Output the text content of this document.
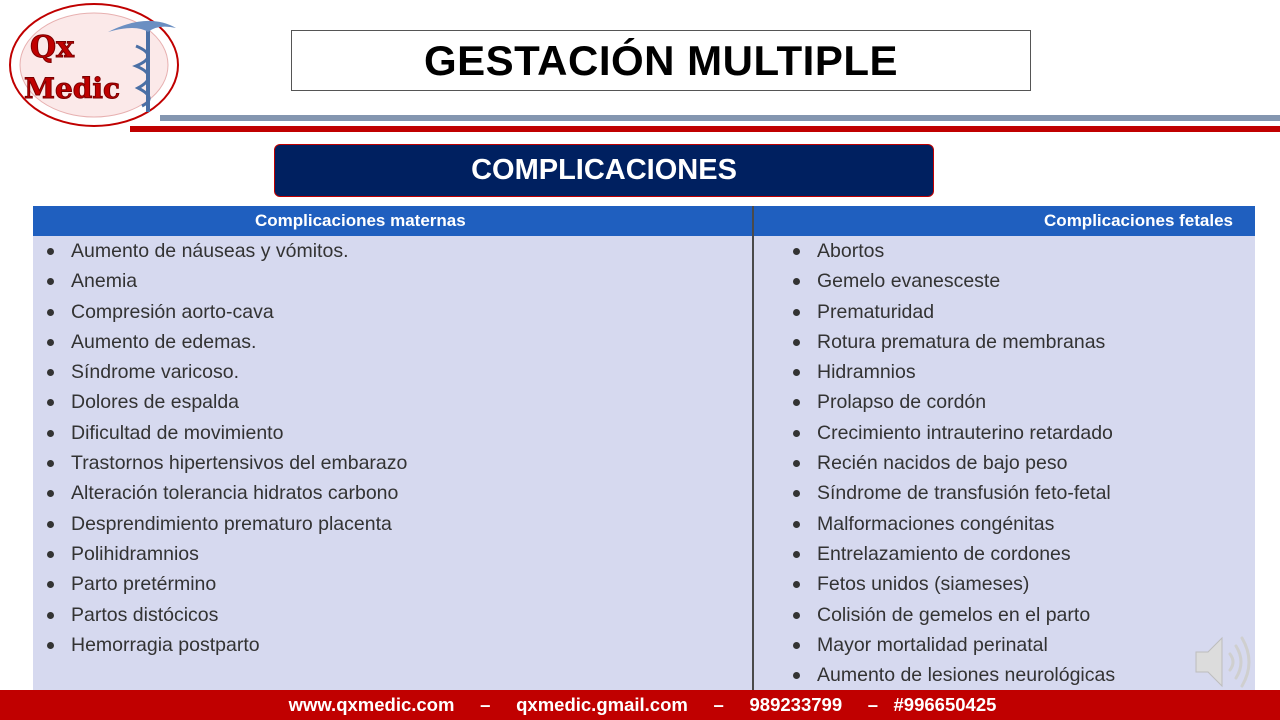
Qx
Medic
GESTACIÓN MULTIPLE
COMPLICACIONES
Complicaciones maternas	Complicaciones fetales
Aumento de náuseas y vómitos.
Anemia
Compresión aorto-cava
Aumento de edemas.
Síndrome varicoso.
Dolores de espalda
Dificultad de movimiento
Trastornos hipertensivos del embarazo
Alteración tolerancia hidratos carbono
Desprendimiento prematuro placenta
Polihidramnios
Parto pretérmino
Partos distócicos
Hemorragia postparto
Abortos
Gemelo evanesceste
Prematuridad
Rotura prematura de membranas
Hidramnios
Prolapso de cordón
Crecimiento intrauterino retardado
Recién nacidos de bajo peso
Síndrome de transfusión feto-fetal
Malformaciones congénitas
Entrelazamiento de cordones
Fetos unidos (siameses)
Colisión de gemelos en el parto
Mayor mortalidad perinatal
Aumento de lesiones neurológicas
www.qxmedic.com     –     qxmedic.gmail.com     –     989233799     –   #996650425
